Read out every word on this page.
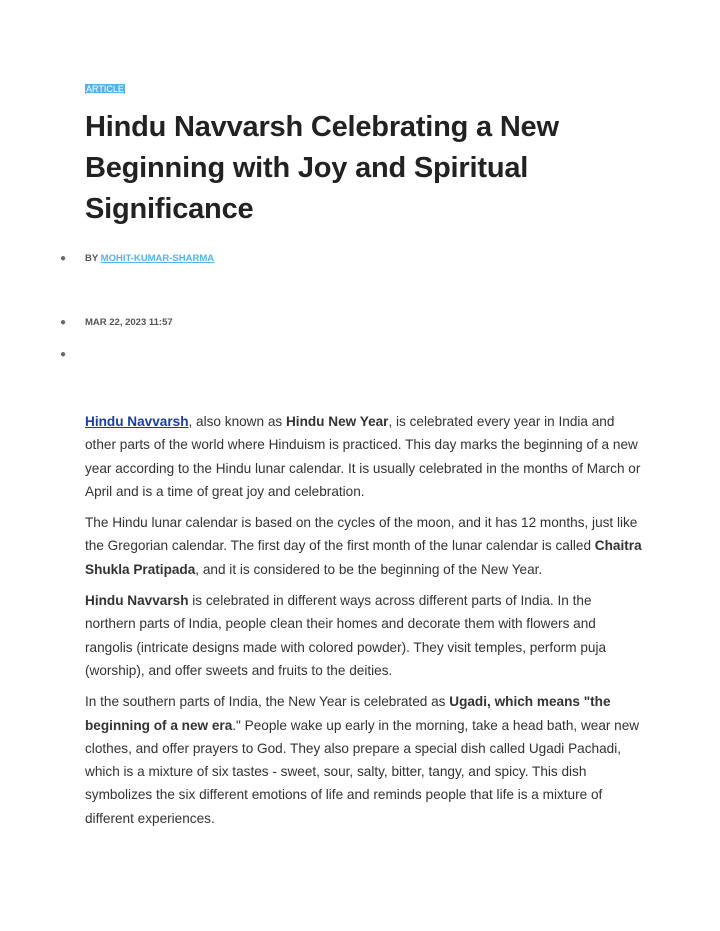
ARTICLE
Hindu Navvarsh Celebrating a New Beginning with Joy and Spiritual Significance
● BY MOHIT-KUMAR-SHARMA
● MAR 22, 2023 11:57
●

Hindu Navvarsh, also known as Hindu New Year, is celebrated every year in India and other parts of the world where Hinduism is practiced. This day marks the beginning of a new year according to the Hindu lunar calendar. It is usually celebrated in the months of March or April and is a time of great joy and celebration.

The Hindu lunar calendar is based on the cycles of the moon, and it has 12 months, just like the Gregorian calendar. The first day of the first month of the lunar calendar is called Chaitra Shukla Pratipada, and it is considered to be the beginning of the New Year.

Hindu Navvarsh is celebrated in different ways across different parts of India. In the northern parts of India, people clean their homes and decorate them with flowers and rangolis (intricate designs made with colored powder). They visit temples, perform puja (worship), and offer sweets and fruits to the deities.

In the southern parts of India, the New Year is celebrated as Ugadi, which means "the beginning of a new era." People wake up early in the morning, take a head bath, wear new clothes, and offer prayers to God. They also prepare a special dish called Ugadi Pachadi, which is a mixture of six tastes - sweet, sour, salty, bitter, tangy, and spicy. This dish symbolizes the six different emotions of life and reminds people that life is a mixture of different experiences.
